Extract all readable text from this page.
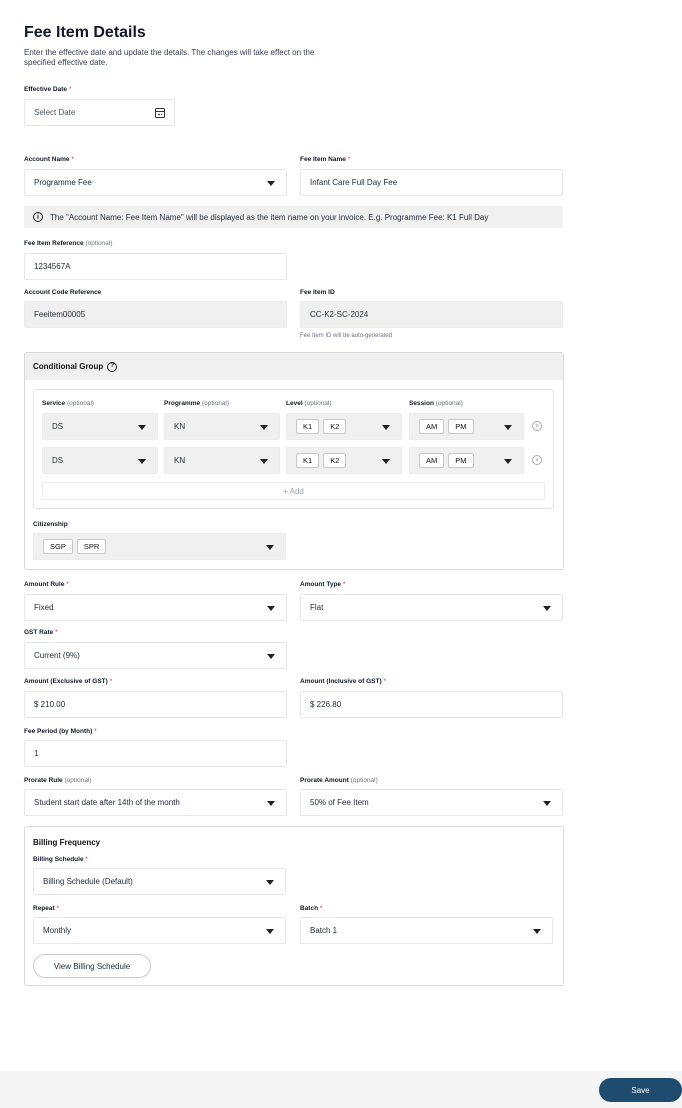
Fee Item Details
Enter the effective date and update the details. The changes will take effect on the specified effective date.
Effective Date *
Select Date
Account Name *
Programme Fee
Fee Item Name *
Infant Care Full Day Fee
i	The "Account Name: Fee Item Name" will be displayed as the item name on your invoice. E.g. Programme Fee: K1 Full Day
Fee Item Reference (optional)
1234567A
Account Code Reference
Feeitem00005
Fee Item ID
CC-K2-SC-2024
Fee Item ID will be auto-generated
Conditional Group	?
Service (optional)	Programme (optional)	Level (optional)	Session (optional)
DS	KN	K1	K2	AM	PM	×
DS	KN	K1	K2	AM	PM	×
+ Add
Citizenship
SGP	SPR
Amount Rule *
Fixed
Amount Type *
Flat
GST Rate *
Current (9%)
Amount (Exclusive of GST) *
$ 210.00
Amount (Inclusive of GST) *
$ 226.80
Fee Period (by Month) *
1
Prorate Rule (optional)
Student start date after 14th of the month
Prorate Amount (optional)
50% of Fee Item
Billing Frequency
Billing Schedule *
Billing Schedule (Default)
Repeat *
Monthly
Batch *
Batch 1
View Billing Schedule
Save
